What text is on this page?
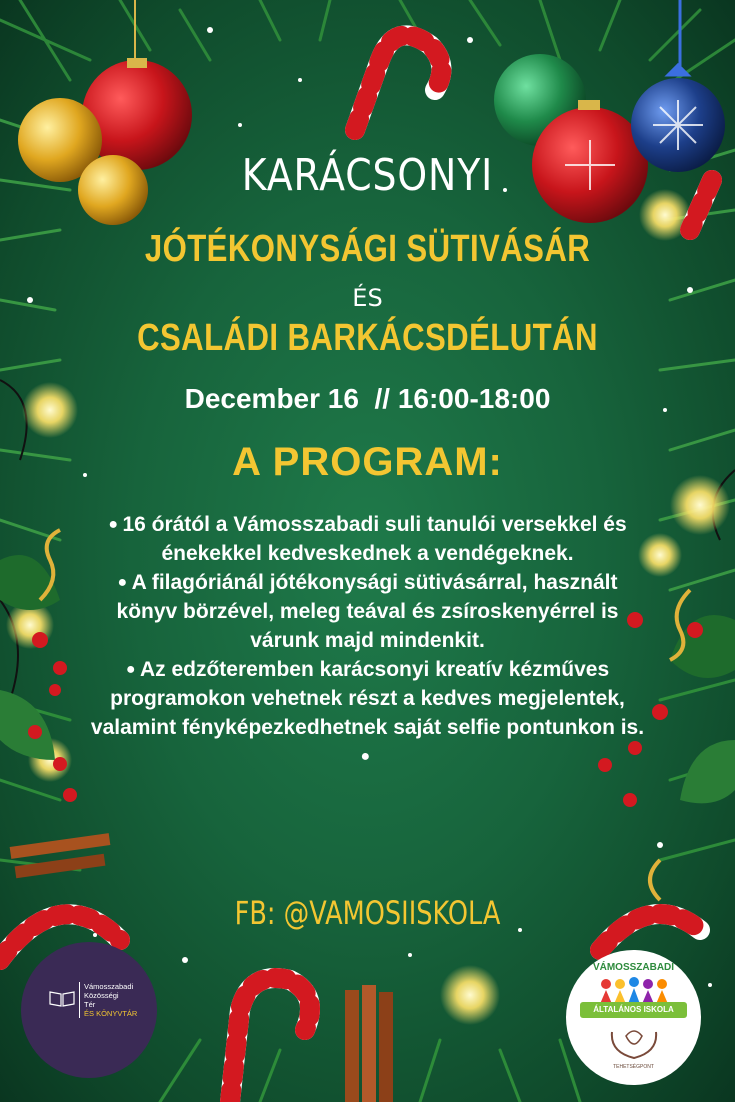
KARÁCSONYI
JÓTÉKONYSÁGI SÜTIVÁSÁR
ÉS
CSALÁDI BARKÁCSDÉLUTÁN
December 16  // 16:00-18:00
A PROGRAM:
● 16 órától a Vámosszabadi suli tanulói versekkel és énekekkel kedveskednek a vendégeknek.
● A filagóriánál jótékonysági sütivásárral, használt könyv börzével, meleg teával és zsíroskenyérrel is várunk majd mindenkit.
● Az edzőteremben karácsonyi kreatív kézműves programokon vehetnek részt a kedves megjelentek, valamint fényképezkedhetnek saját selfie pontunkon is.
●
FB: @VAMOSIISKOLA
Vámosszabadi
Közösségi
Tér

ÉS KÖNYVTÁR
VÁMOSSZABADI
ÁLTALÁNOS ISKOLA
TEHETSÉGPONT
